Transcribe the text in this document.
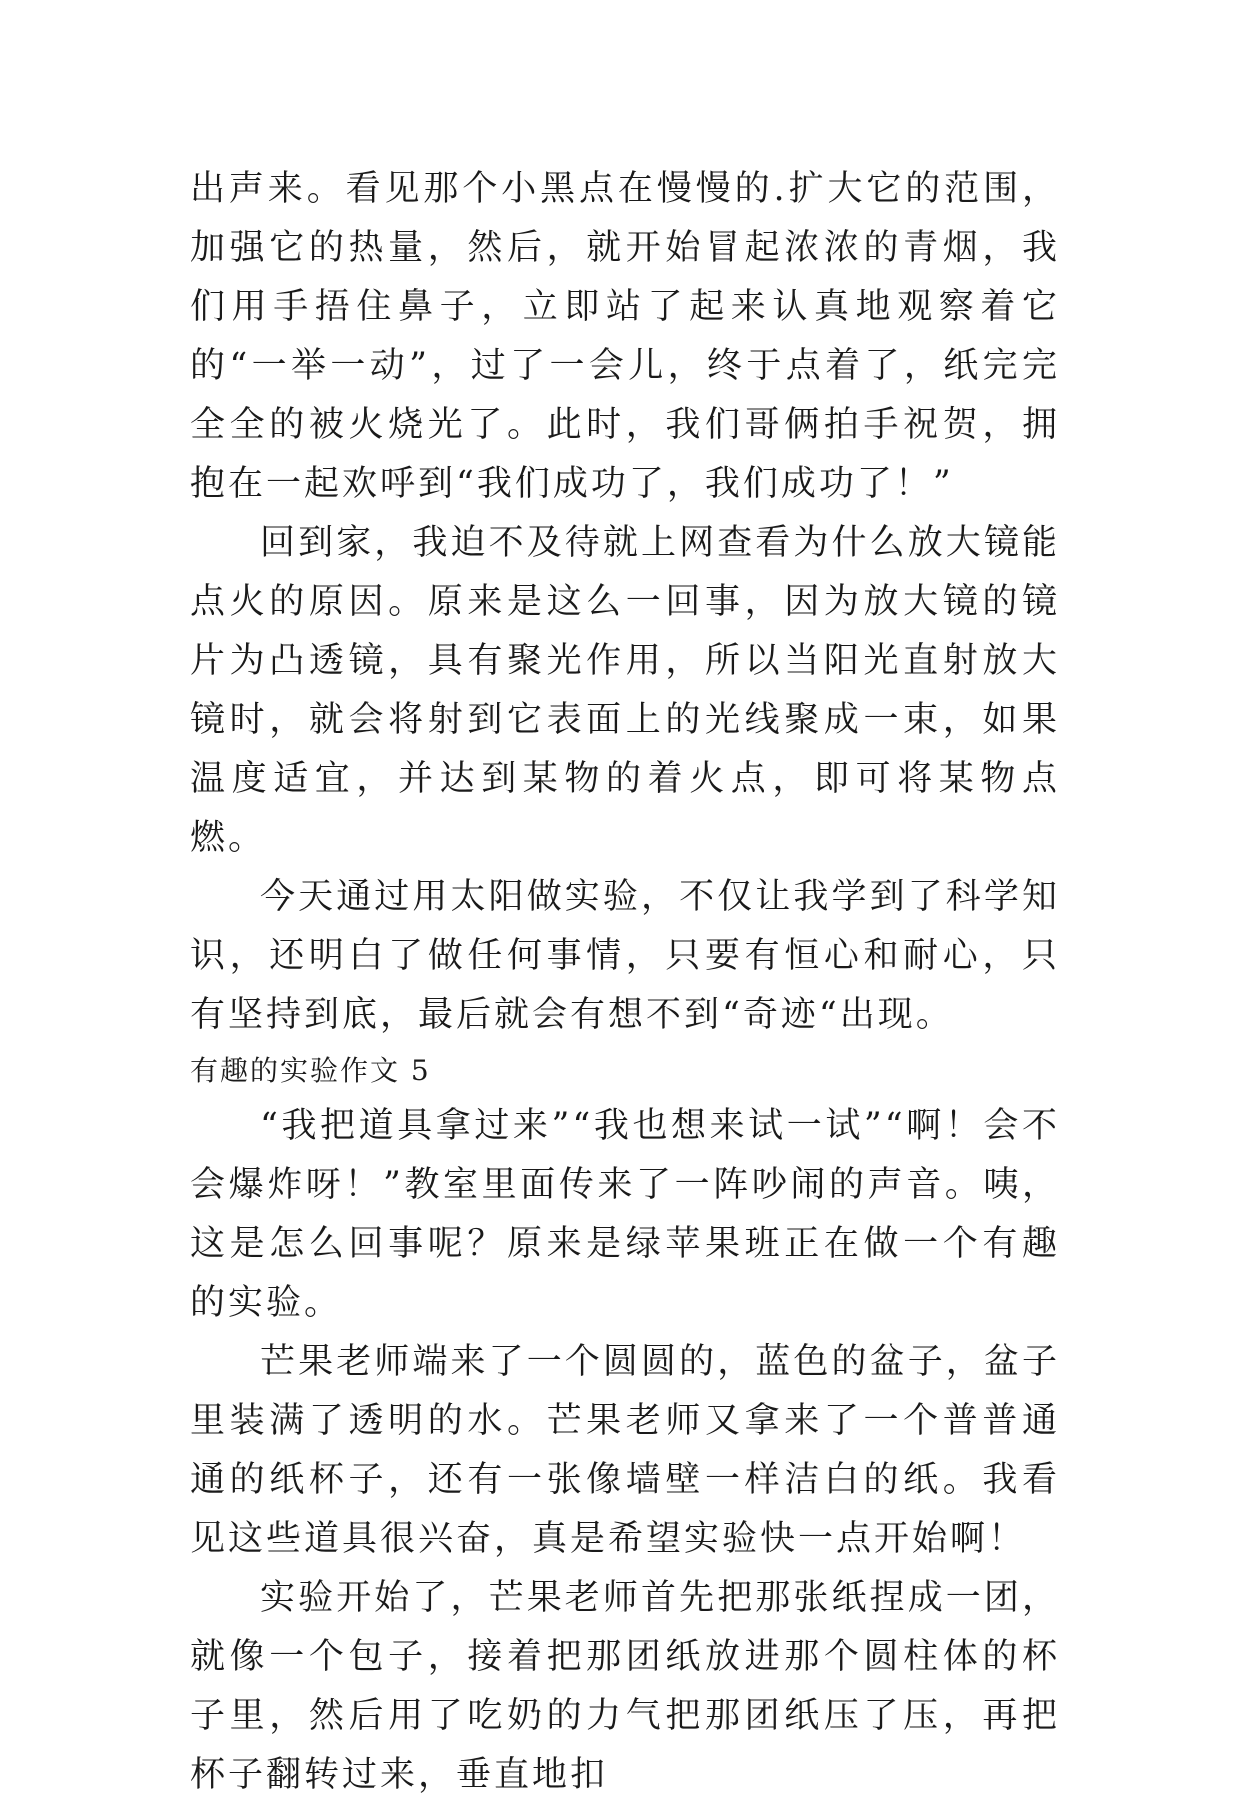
出声来。看见那个小黑点在慢慢的.扩大它的范围，加强它的热量，然后，就开始冒起浓浓的青烟，我们用手捂住鼻子，立即站了起来认真地观察着它的“一举一动”，过了一会儿，终于点着了，纸完完全全的被火烧光了。此时，我们哥俩拍手祝贺，拥抱在一起欢呼到“我们成功了，我们成功了！”

回到家，我迫不及待就上网查看为什么放大镜能点火的原因。原来是这么一回事，因为放大镜的镜片为凸透镜，具有聚光作用，所以当阳光直射放大镜时，就会将射到它表面上的光线聚成一束，如果温度适宜，并达到某物的着火点，即可将某物点燃。

今天通过用太阳做实验，不仅让我学到了科学知识，还明白了做任何事情，只要有恒心和耐心，只有坚持到底，最后就会有想不到“奇迹“出现。

有趣的实验作文 5

“我把道具拿过来”“我也想来试一试”“啊！会不会爆炸呀！”教室里面传来了一阵吵闹的声音。咦，这是怎么回事呢？原来是绿苹果班正在做一个有趣的实验。

芒果老师端来了一个圆圆的，蓝色的盆子，盆子里装满了透明的水。芒果老师又拿来了一个普普通通的纸杯子，还有一张像墙壁一样洁白的纸。我看见这些道具很兴奋，真是希望实验快一点开始啊！

实验开始了，芒果老师首先把那张纸捏成一团，就像一个包子，接着把那团纸放进那个圆柱体的杯子里，然后用了吃奶的力气把那团纸压了压，再把杯子翻转过来，垂直地扣
